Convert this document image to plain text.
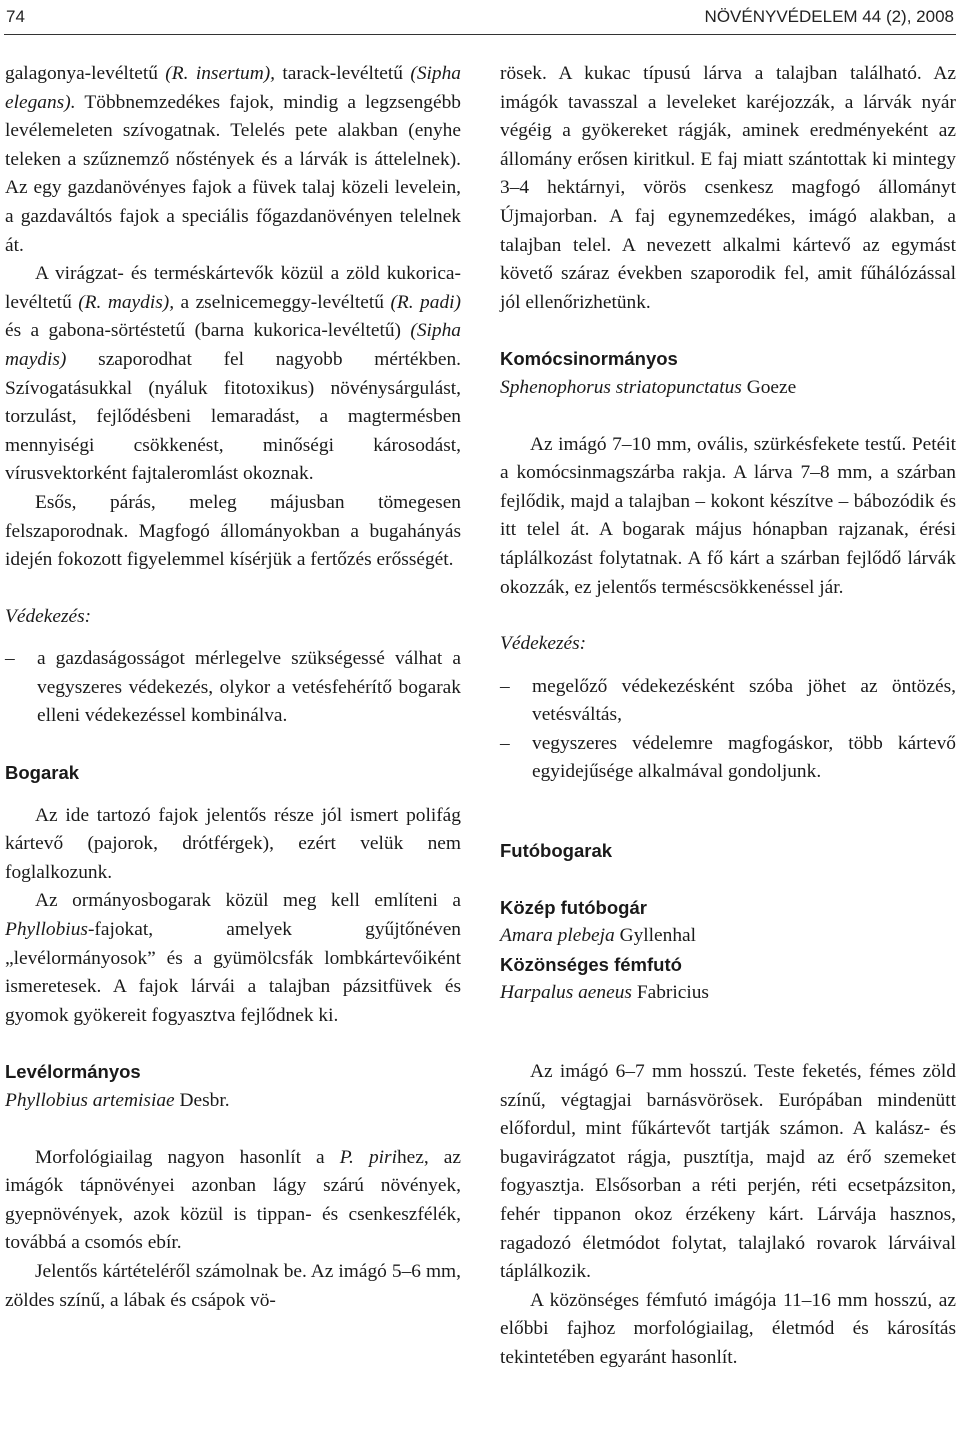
74	NÖVÉNYVÉDELEM 44 (2), 2008

galagonya-levéltetű (R. insertum), tarack-levéltetű (Sipha elegans). Többnemzedékes fajok, mindig a legzsengébb levélemeleten szívogatnak. Telelés pete alakban (enyhe teleken a szűznemző nőstények és a lárvák is áttelelnek). Az egy gazdanövényes fajok a füvek talaj közeli levelein, a gazdaváltós fajok a speciális főgazdanövényen telelnek át.

A virágzat- és terméskártevők közül a zöld kukorica-levéltetű (R. maydis), a zselnicemeggy-levéltetű (R. padi) és a gabona-sörtéstetű (barna kukorica-levéltetű) (Sipha maydis) szaporodhat fel nagyobb mértékben. Szívogatásukkal (nyáluk fitotoxikus) növénysárgulást, torzulást, fejlődésbeni lemaradást, a magtermésben mennyiségi csökkenést, minőségi károsodást, vírusvektorként fajtaleromlást okoznak.

Esős, párás, meleg májusban tömegesen felszaporodnak. Magfogó állományokban a bugahányás idején fokozott figyelemmel kísérjük a fertőzés erősségét.

Védekezés:

– a gazdaságosságot mérlegelve szükségessé válhat a vegyszeres védekezés, olykor a vetésfehérítő bogarak elleni védekezéssel kombinálva.

Bogarak

Az ide tartozó fajok jelentős része jól ismert polifág kártevő (pajorok, drótférgek), ezért velük nem foglalkozunk.

Az ormányosbogarak közül meg kell említeni a Phyllobius-fajokat, amelyek gyűjtőnéven „levélormányosok” és a gyümölcsfák lombkártevőiként ismeretesek. A fajok lárvái a talajban pázsitfüvek és gyomok gyökereit fogyasztva fejlődnek ki.

Levélormányos

Phyllobius artemisiae Desbr.

Morfológiailag nagyon hasonlít a P. pirihez, az imágók tápnövényei azonban lágy szárú növények, gyepnövények, azok közül is tippan- és csenkeszfélék, továbbá a csomós ebír.

Jelentős kártételéről számolnak be. Az imágó 5–6 mm, zöldes színű, a lábak és csápok vö-

rösek. A kukac típusú lárva a talajban található. Az imágók tavasszal a leveleket karéjozzák, a lárvák nyár végéig a gyökereket rágják, aminek eredményeként az állomány erősen kiritkul. E faj miatt szántottak ki mintegy 3–4 hektárnyi, vörös csenkesz magfogó állományt Újmajorban. A faj egynemzedékes, imágó alakban, a talajban telel. A nevezett alkalmi kártevő az egymást követő száraz években szaporodik fel, amit fűhálózással jól ellenőrizhetünk.

Komócsinormányos

Sphenophorus striatopunctatus Goeze

Az imágó 7–10 mm, ovális, szürkésfekete testű. Petéit a komócsinmagszárba rakja. A lárva 7–8 mm, a szárban fejlődik, majd a talajban – kokont készítve – bábozódik és itt telel át. A bogarak május hónapban rajzanak, érési táplálkozást folytatnak. A fő kárt a szárban fejlődő lárvák okozzák, ez jelentős terméscsökkenéssel jár.

Védekezés:

– megelőző védekezésként szóba jöhet az öntözés, vetésváltás,
– vegyszeres védelemre magfogáskor, több kártevő egyidejűsége alkalmával gondoljunk.

Futóbogarak

Közép futóbogár

Amara plebeja Gyllenhal

Közönséges fémfutó

Harpalus aeneus Fabricius

Az imágó 6–7 mm hosszú. Teste feketés, fémes zöld színű, végtagjai barnásvörösek. Európában mindenütt előfordul, mint fűkártevőt tartják számon. A kalász- és bugavirágzatot rágja, pusztítja, majd az érő szemeket fogyasztja. Elsősorban a réti perjén, réti ecsetpázsiton, fehér tippanon okoz érzékeny kárt. Lárvája hasznos, ragadozó életmódot folytat, talajlakó rovarok lárváival táplálkozik.

A közönséges fémfutó imágója 11–16 mm hosszú, az előbbi fajhoz morfológiailag, életmód és károsítás tekintetében egyaránt hasonlít.
